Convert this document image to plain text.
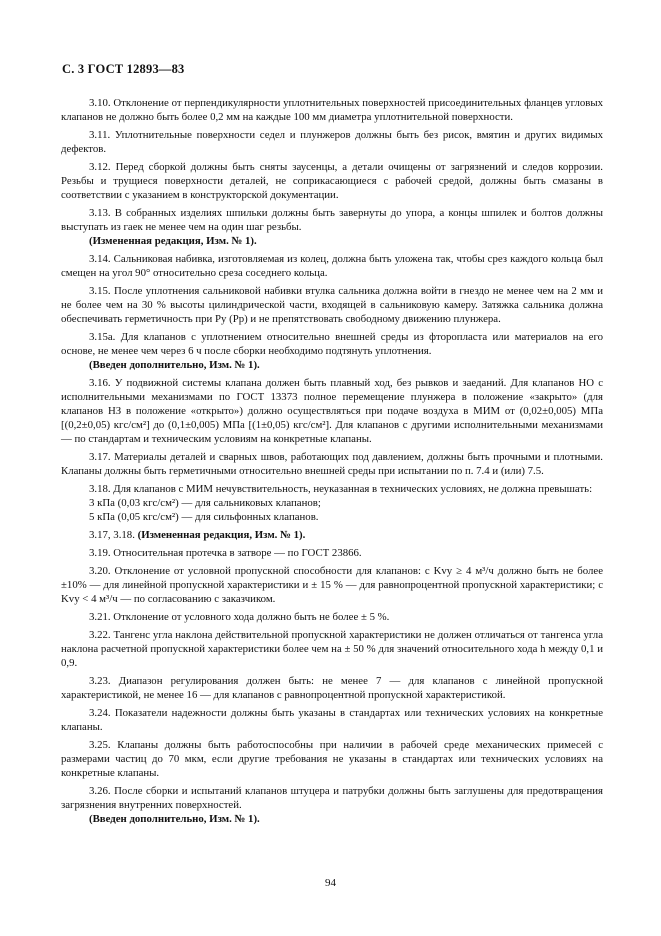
С. 3 ГОСТ 12893—83

3.10. Отклонение от перпендикулярности уплотнительных поверхностей присоединительных фланцев угловых клапанов не должно быть более 0,2 мм на каждые 100 мм диаметра уплотнительной поверхности.

3.11. Уплотнительные поверхности седел и плунжеров должны быть без рисок, вмятин и других видимых дефектов.

3.12. Перед сборкой должны быть сняты заусенцы, а детали очищены от загрязнений и следов коррозии. Резьбы и трущиеся поверхности деталей, не соприкасающиеся с рабочей средой, должны быть смазаны в соответствии с указанием в конструкторской документации.

3.13. В собранных изделиях шпильки должны быть завернуты до упора, а концы шпилек и болтов должны выступать из гаек не менее чем на один шаг резьбы.

(Измененная редакция, Изм. № 1).

3.14. Сальниковая набивка, изготовляемая из колец, должна быть уложена так, чтобы срез каждого кольца был смещен на угол 90° относительно среза соседнего кольца.

3.15. После уплотнения сальниковой набивки втулка сальника должна войти в гнездо не менее чем на 2 мм и не более чем на 30 % высоты цилиндрической части, входящей в сальниковую камеру. Затяжка сальника должна обеспечивать герметичность при Pу (Pр) и не препятствовать свободному движению плунжера.

3.15а. Для клапанов с уплотнением относительно внешней среды из фторопласта или материалов на его основе, не менее чем через 6 ч после сборки необходимо подтянуть уплотнения.

(Введен дополнительно, Изм. № 1).

3.16. У подвижной системы клапана должен быть плавный ход, без рывков и заеданий. Для клапанов НО с исполнительными механизмами по ГОСТ 13373 полное перемещение плунжера в положение «закрыто» (для клапанов НЗ в положение «открыто») должно осуществляться при подаче воздуха в МИМ от (0,02±0,005) МПа [(0,2±0,05) кгс/см²] до (0,1±0,005) МПа [(1±0,05) кгс/см²]. Для клапанов с другими исполнительными механизмами — по стандартам и техническим условиям на конкретные клапаны.

3.17. Материалы деталей и сварных швов, работающих под давлением, должны быть прочными и плотными. Клапаны должны быть герметичными относительно внешней среды при испытании по п. 7.4 и (или) 7.5.

3.18. Для клапанов с МИМ нечувствительность, неуказанная в технических условиях, не должна превышать:

3 кПа (0,03 кгс/см²) — для сальниковых клапанов;

5 кПа (0,05 кгс/см²) — для сильфонных клапанов.

3.17, 3.18. (Измененная редакция, Изм. № 1).

3.19. Относительная протечка в затворе — по ГОСТ 23866.

3.20. Отклонение от условной пропускной способности для клапанов: с Kvу ≥ 4 м³/ч должно быть не более ±10% — для линейной пропускной характеристики и ± 15 % — для равнопроцентной пропускной характеристики; с Kvу < 4 м³/ч — по согласованию с заказчиком.

3.21. Отклонение от условного хода должно быть не более ± 5 %.

3.22. Тангенс угла наклона действительной пропускной характеристики не должен отличаться от тангенса угла наклона расчетной пропускной характеристики более чем на ± 50 % для значений относительного хода h между 0,1 и 0,9.

3.23. Диапазон регулирования должен быть: не менее 7 — для клапанов с линейной пропускной характеристикой, не менее 16 — для клапанов с равнопроцентной пропускной характеристикой.

3.24. Показатели надежности должны быть указаны в стандартах или технических условиях на конкретные клапаны.

3.25. Клапаны должны быть работоспособны при наличии в рабочей среде механических примесей с размерами частиц до 70 мкм, если другие требования не указаны в стандартах или технических условиях на конкретные клапаны.

3.26. После сборки и испытаний клапанов штуцера и патрубки должны быть заглушены для предотвращения загрязнения внутренних поверхностей.

(Введен дополнительно, Изм. № 1).

94
